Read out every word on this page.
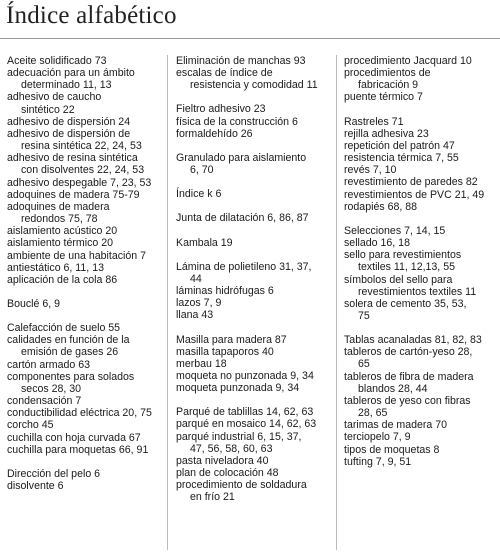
Índice alfabético
Aceite solidificado 73
adecuación para un ámbito
determinado 11, 13
adhesivo de caucho
sintético 22
adhesivo de dispersión 24
adhesivo de dispersión de
resina sintética 22, 24, 53
adhesivo de resina sintética
con disolventes 22, 24, 53
adhesivo despegable 7, 23, 53
adoquines de madera 75-79
adoquines de madera
redondos 75, 78
aislamiento acústico 20
aislamiento térmico 20
ambiente de una habitación 7
antiestático 6, 11, 13
aplicación de la cola 86
Bouclé 6, 9
Calefacción de suelo 55
calidades en función de la
emisión de gases 26
cartón armado 63
componentes para solados
secos 28, 30
condensación 7
conductibilidad eléctrica 20, 75
corcho 45
cuchilla con hoja curvada 67
cuchilla para moquetas 66, 91
Dirección del pelo 6
disolvente 6
Eliminación de manchas 93
escalas de índice de
resistencia y comodidad 11
Fieltro adhesivo 23
física de la construcción 6
formaldehído 26
Granulado para aislamiento
6, 70
Índice k 6
Junta de dilatación 6, 86, 87
Kambala 19
Lámina de polietileno 31, 37,
44
láminas hidrófugas 6
lazos 7, 9
llana 43
Masilla para madera 87
masilla tapaporos 40
merbau 18
moqueta no punzonada 9, 34
moqueta punzonada 9, 34
Parqué de tablillas 14, 62, 63
parqué en mosaico 14, 62, 63
parqué industrial 6, 15, 37,
47, 56, 58, 60, 63
pasta niveladora 40
plan de colocación 48
procedimiento de soldadura
en frío 21
procedimiento Jacquard 10
procedimientos de
fabricación 9
puente térmico 7
Rastreles 71
rejilla adhesiva 23
repetición del patrón 47
resistencia térmica 7, 55
revés 7, 10
revestimiento de paredes 82
revestimientos de PVC 21, 49
rodapiés 68, 88
Selecciones 7, 14, 15
sellado 16, 18
sello para revestimientos
textiles 11, 12,13, 55
símbolos del sello para
revestimientos textiles 11
solera de cemento 35, 53,
75
Tablas acanaladas 81, 82, 83
tableros de cartón-yeso 28,
65
tableros de fibra de madera
blandos 28, 44
tableros de yeso con fibras
28, 65
tarimas de madera 70
terciopelo 7, 9
tipos de moquetas 8
tufting 7, 9, 51
